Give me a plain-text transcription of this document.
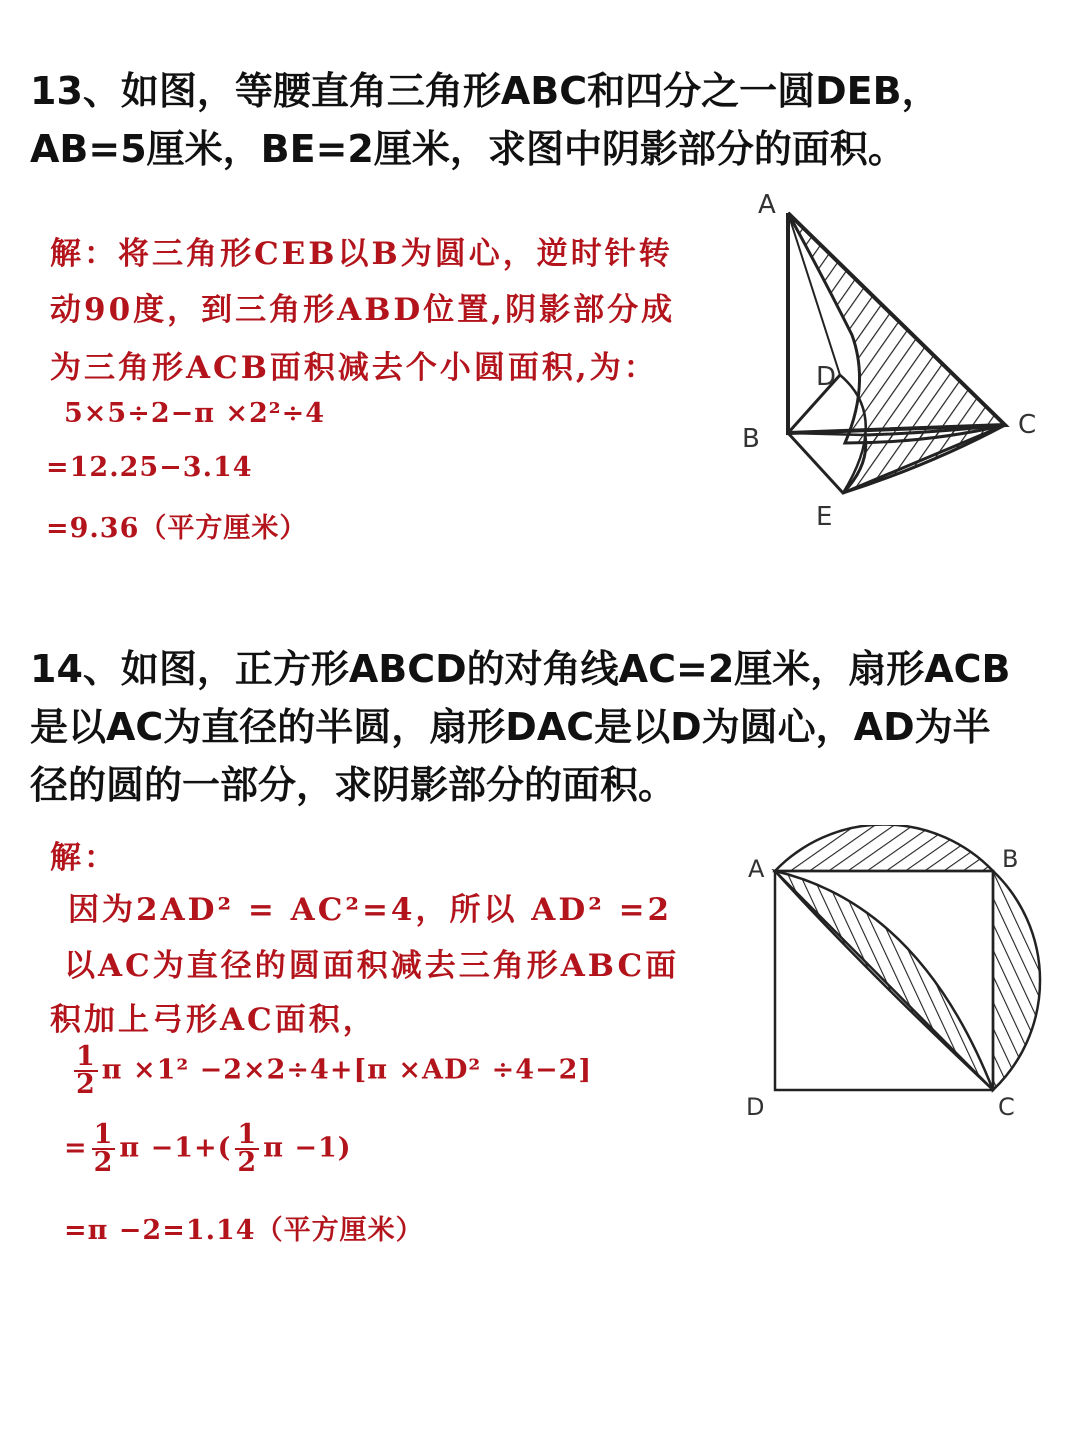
13、如图，等腰直角三角形ABC和四分之一圆DEB，
AB=5厘米，BE=2厘米，求图中阴影部分的面积。
解：将三角形CEB以B为圆心，逆时针转
动90度，到三角形ABD位置,阴影部分成
为三角形ACB面积减去个小圆面积,为：
5×5÷2−π ×2²÷4
=12.25−3.14
=9.36（平方厘米）
A
B	C
D
E
14、如图，正方形ABCD的对角线AC=2厘米，扇形ACB
是以AC为直径的半圆，扇形DAC是以D为圆心，AD为半
径的圆的一部分，求阴影部分的面积。
解：
因为2AD² = AC²=4，所以 AD² =2
以AC为直径的圆面积减去三角形ABC面
积加上弓形AC面积，
$\frac{1}{2}$ π ×1² −2×2÷4+[π ×AD² ÷4−2]
= $\frac{1}{2}$ $\pi -1+( \frac{1}{2}$ π −1)
=π −2=1.14（平方厘米）
A	B
C
D
